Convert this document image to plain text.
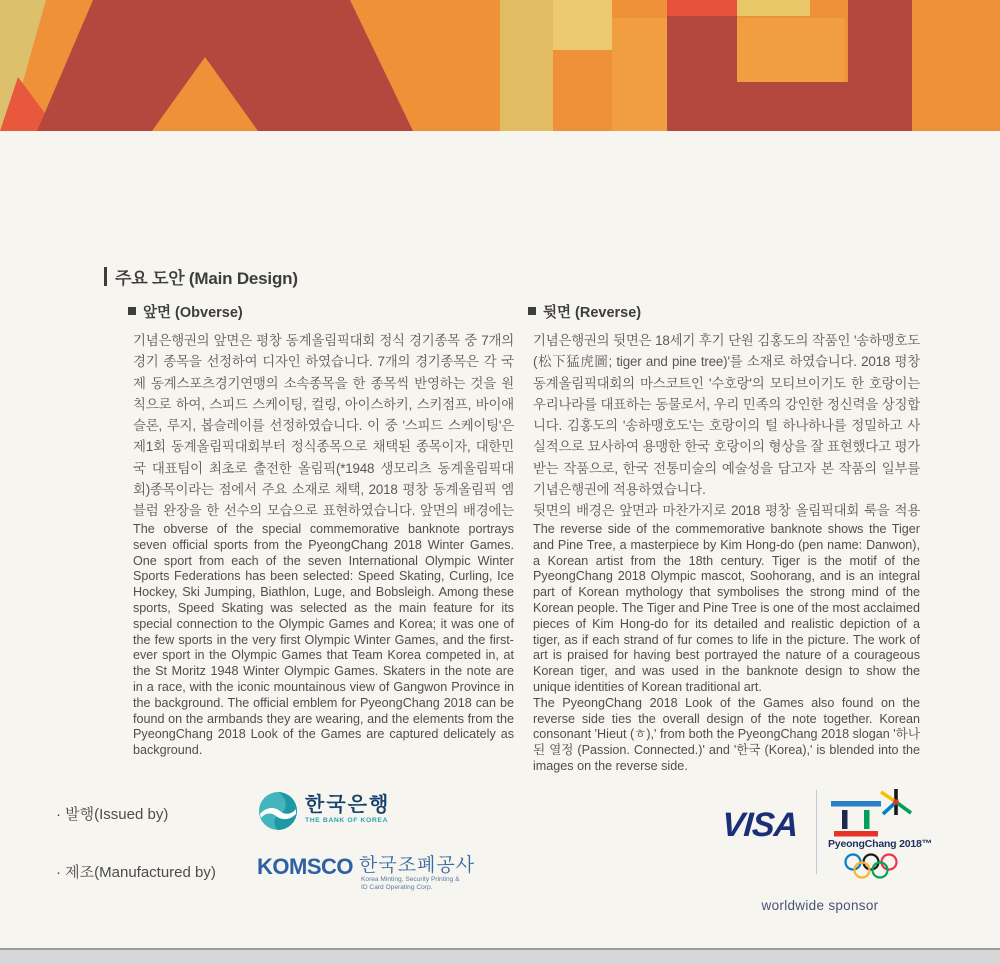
주요 도안 (Main Design)
앞면 (Obverse)

기념은행권의 앞면은 평창 동계올림픽대회 정식 경기종목 중 7개의 경기 종목을 선정하여 디자인 하였습니다. 7개의 경기종목은 각 국제 동계스포츠경기연맹의 소속종목을 한 종목씩 반영하는 것을 원칙으로 하여, 스피드 스케이팅, 컬링, 아이스하키, 스키점프, 바이애슬론, 루지, 봅슬레이를 선정하였습니다. 이 중 '스피드 스케이팅'은 제1회 동계올림픽대회부터 정식종목으로 채택된 종목이자, 대한민국 대표팀이 최초로 출전한 올림픽(*1948 생모리츠 동계올림픽대회)종목이라는 점에서 주요 소재로 채택, 2018 평창 동계올림픽 엠블럼 완장을 한 선수의 모습으로 표현하였습니다. 앞면의 배경에는

The obverse of the special commemorative banknote portrays seven official sports from the PyeongChang 2018 Winter Games. One sport from each of the seven International Olympic Winter Sports Federations has been selected: Speed Skating, Curling, Ice Hockey, Ski Jumping, Biathlon, Luge, and Bobsleigh. Among these sports, Speed Skating was selected as the main feature for its special connection to the Olympic Games and Korea; it was one of the few sports in the very first Olympic Winter Games, and the first-ever sport in the Olympic Games that Team Korea competed in, at the St Moritz 1948 Winter Olympic Games. Skaters in the note are in a race, with the iconic mountainous view of Gangwon Province in the background. The official emblem for PyeongChang 2018 can be found on the armbands they are wearing, and the elements from the PyeongChang 2018 Look of the Games are captured delicately as background.

뒷면 (Reverse)

기념은행권의 뒷면은 18세기 후기 단원 김홍도의 작품인 '송하맹호도(松下猛虎圖; tiger and pine tree)'를 소재로 하였습니다. 2018 평창 동계올림픽대회의 마스코트인 '수호랑'의 모티브이기도 한 호랑이는 우리나라를 대표하는 동물로서, 우리 민족의 강인한 정신력을 상징합니다. 김홍도의 '송하맹호도'는 호랑이의 털 하나하나를 정밀하고 사실적으로 묘사하여 용맹한 한국 호랑이의 형상을 잘 표현했다고 평가받는 작품으로, 한국 전통미술의 예술성을 담고자 본 작품의 일부를 기념은행권에 적용하였습니다.

뒷면의 배경은 앞면과 마찬가지로 2018 평창 올림픽대회 룩을 적용

The reverse side of the commemorative banknote shows the Tiger and Pine Tree, a masterpiece by Kim Hong-do (pen name: Danwon), a Korean artist from the 18th century. Tiger is the motif of the PyeongChang 2018 Olympic mascot, Soohorang, and is an integral part of Korean mythology that symbolises the strong mind of the Korean people. The Tiger and Pine Tree is one of the most acclaimed pieces of Kim Hong-do for its detailed and realistic depiction of a tiger, as if each strand of fur comes to life in the picture. The work of art is praised for having best portrayed the nature of a courageous Korean tiger, and was used in the banknote design to show the unique identities of Korean traditional art.

The PyeongChang 2018 Look of the Games also found on the reverse side ties the overall design of the note together. Korean consonant 'Hieut (ㅎ),' from both the PyeongChang 2018 slogan '하나된 열정 (Passion. Connected.)' and '한국 (Korea),' is blended into the images on the reverse side.

· 발행(Issued by)	한국은행
THE BANK OF KOREA
· 제조(Manufactured by) KOMSCO 한국조폐공사
Korea Minting, Security Printing &
ID Card Operating Corp.
VISA	PyeongChang 2018™
worldwide sponsor
